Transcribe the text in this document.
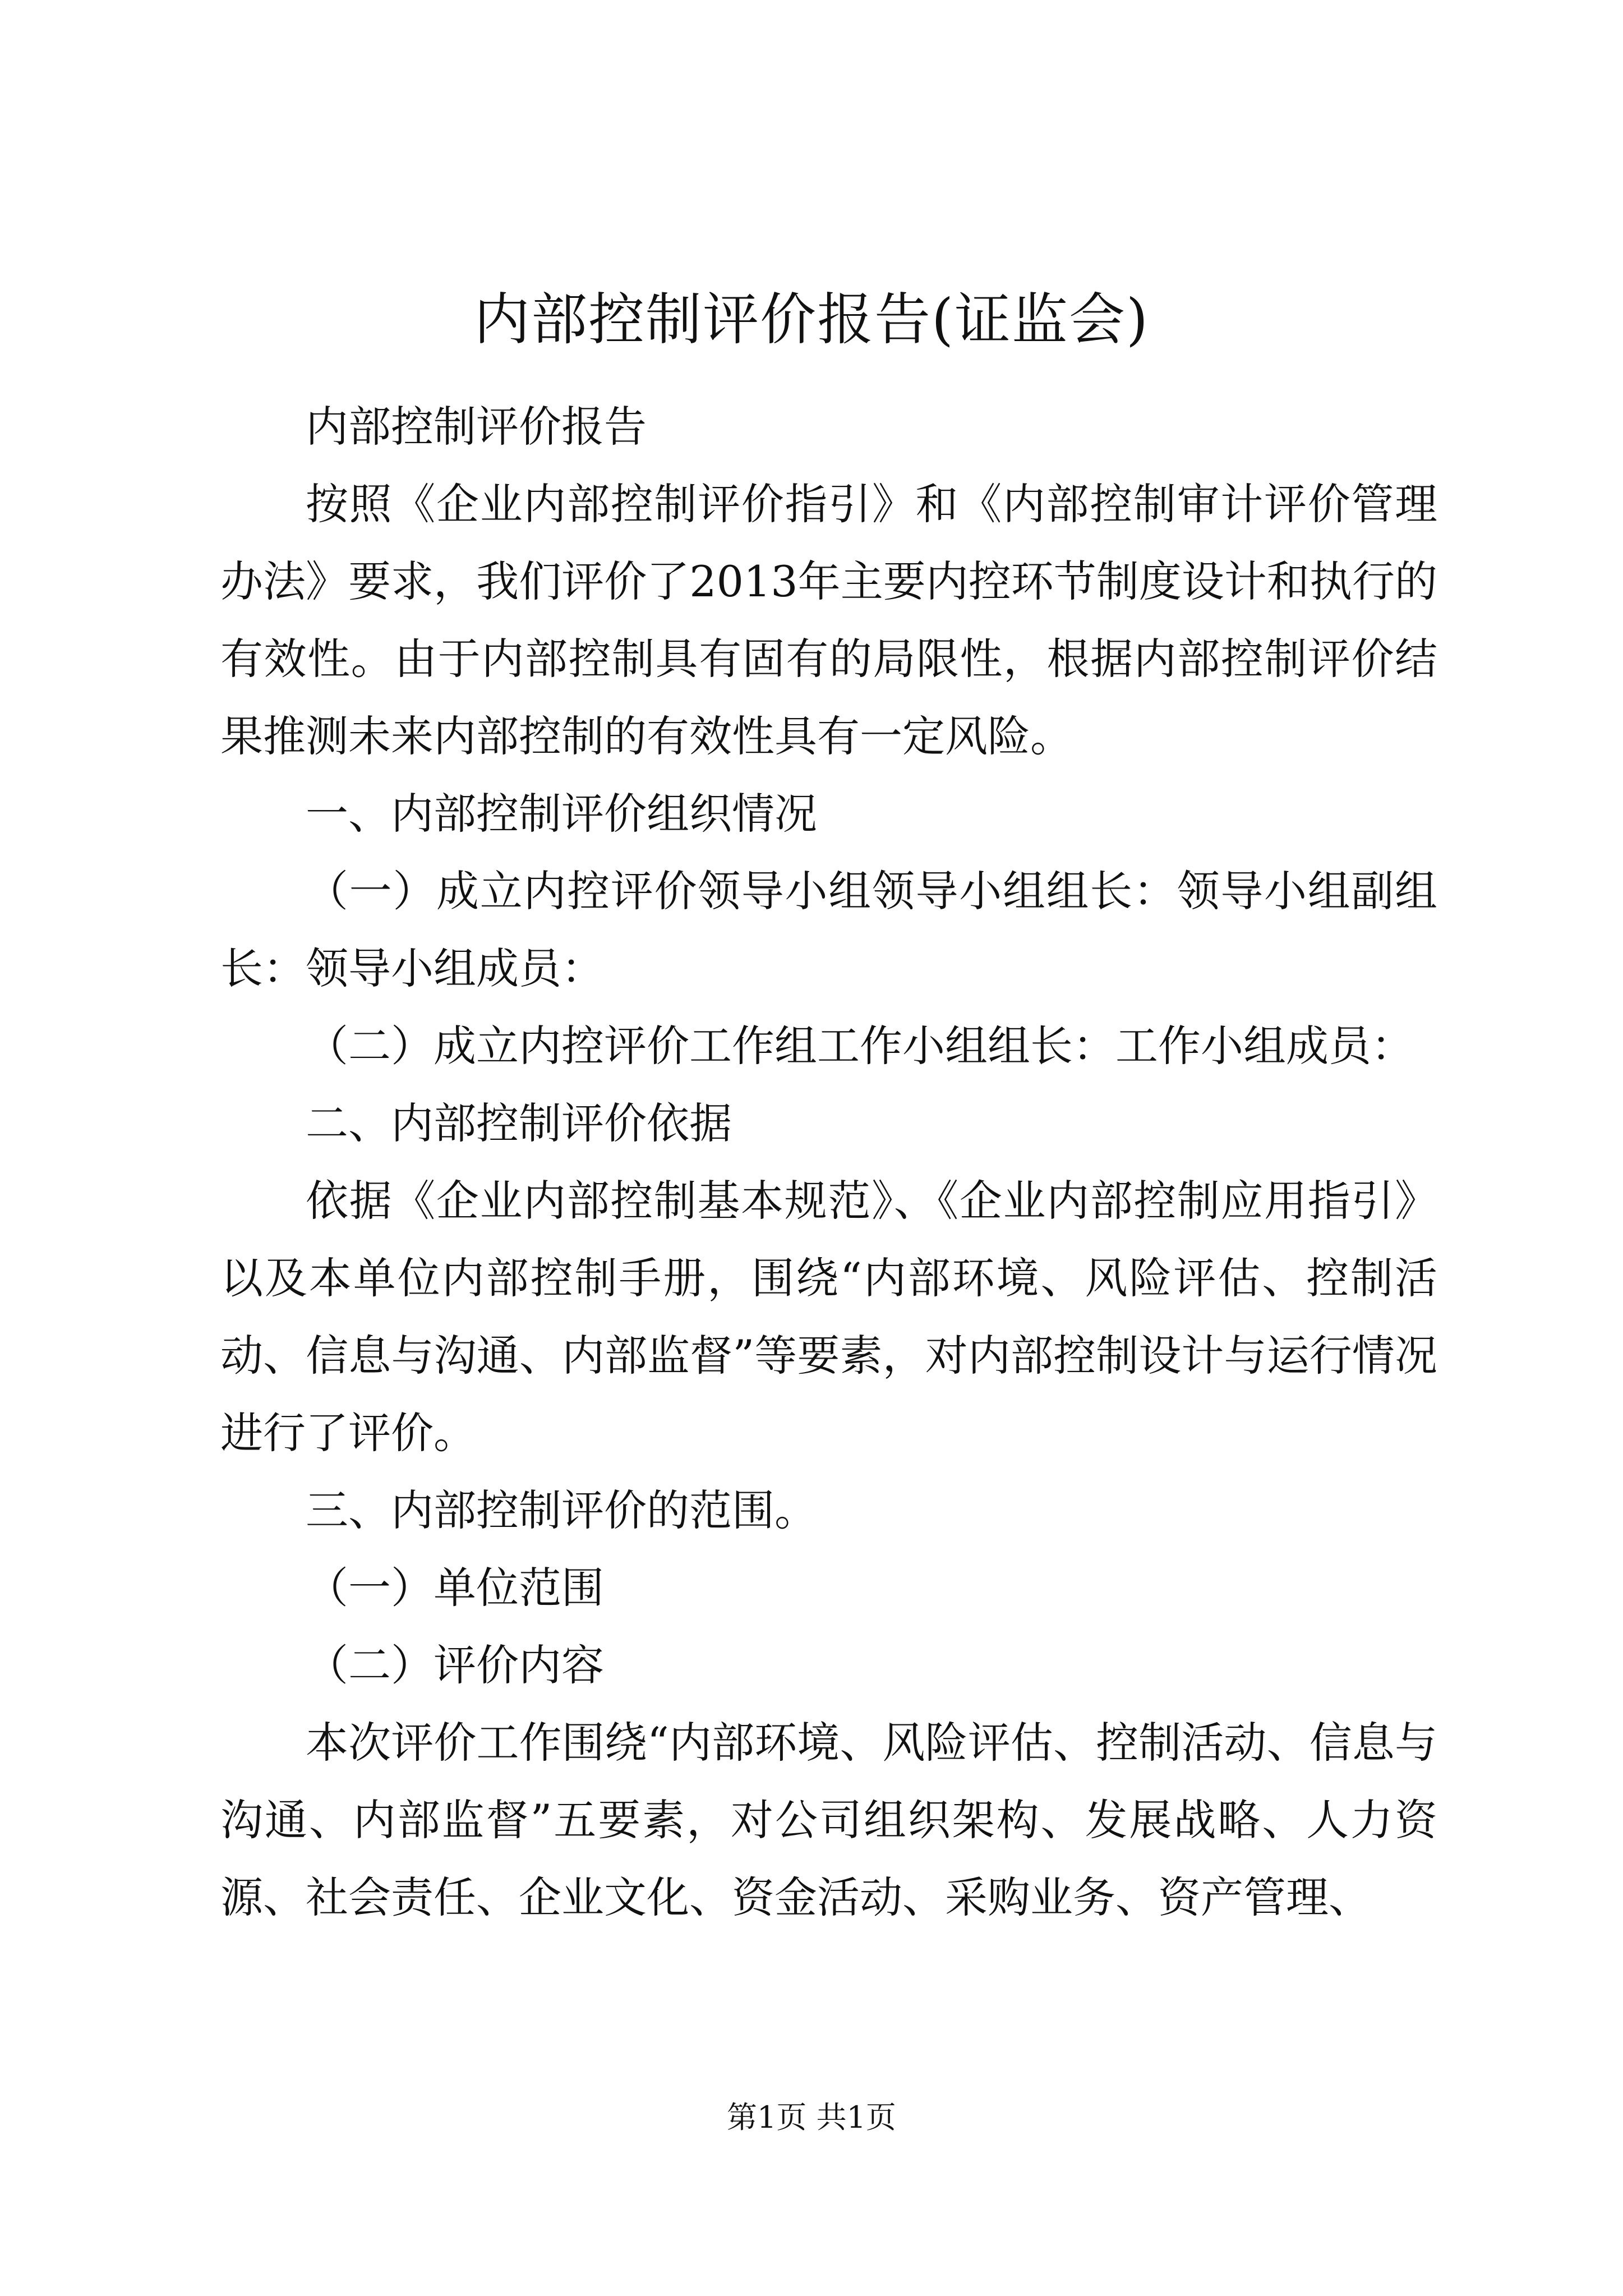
内部控制评价报告(证监会)

内部控制评价报告

按照《企业内部控制评价指引》和《内部控制审计评价管理办法》要求，我们评价了2013年主要内控环节制度设计和执行的有效性。由于内部控制具有固有的局限性，根据内部控制评价结果推测未来内部控制的有效性具有一定风险。

一、内部控制评价组织情况

（一）成立内控评价领导小组领导小组组长：领导小组副组长：领导小组成员：

（二）成立内控评价工作组工作小组组长：工作小组成员：

二、内部控制评价依据

依据《企业内部控制基本规范》、《企业内部控制应用指引》以及本单位内部控制手册，围绕“内部环境、风险评估、控制活动、信息与沟通、内部监督”等要素，对内部控制设计与运行情况进行了评价。

三、内部控制评价的范围。

（一）单位范围

（二）评价内容

本次评价工作围绕“内部环境、风险评估、控制活动、信息与沟通、内部监督”五要素，对公司组织架构、发展战略、人力资源、社会责任、企业文化、资金活动、采购业务、资产管理、

第1页 共1页
